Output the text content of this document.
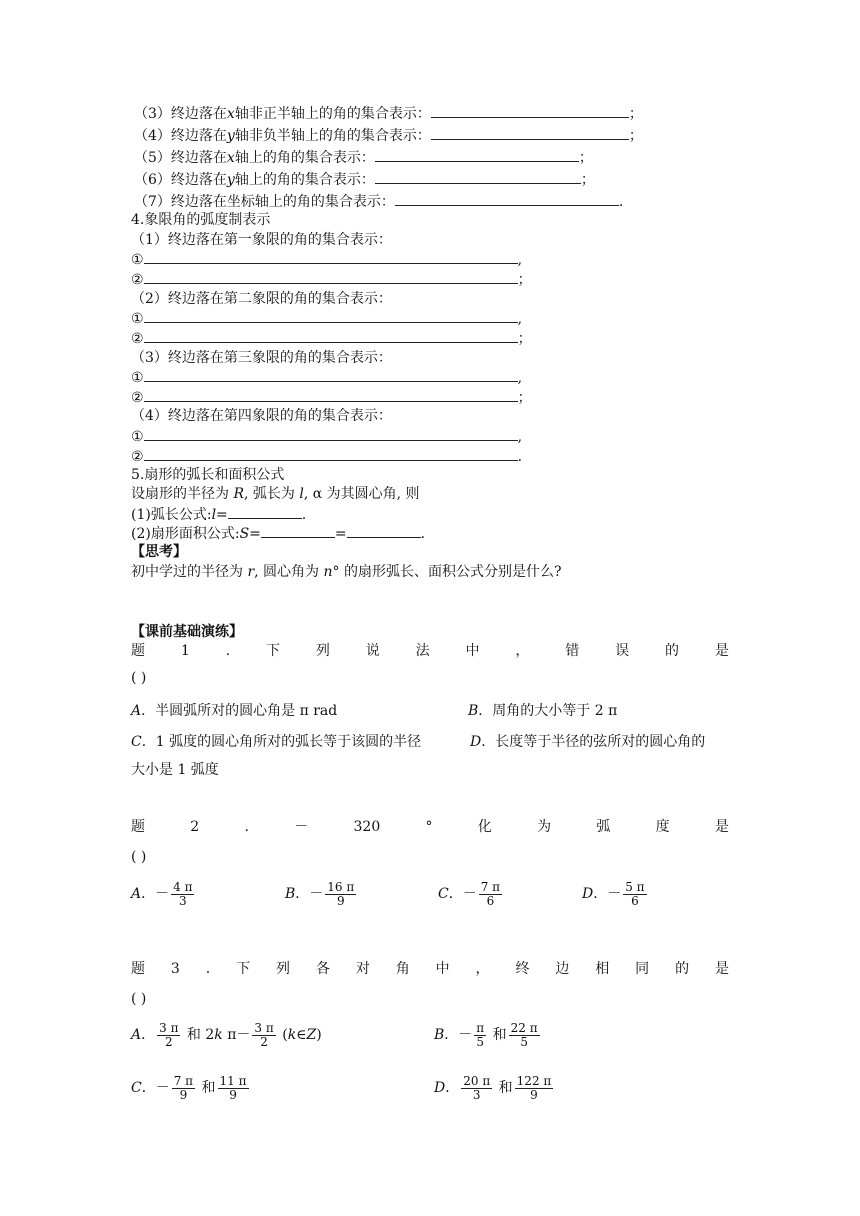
（3）终边落在x轴非正半轴上的角的集合表示：	；
（4）终边落在y轴非负半轴上的角的集合表示：	；
（5）终边落在x轴上的角的集合表示：	；
（6）终边落在y轴上的角的集合表示：	；
（7）终边落在坐标轴上的角的集合表示：	.
4.象限角的弧度制表示
（1）终边落在第一象限的角的集合表示：
①	,
②	；
（2）终边落在第二象限的角的集合表示：
①	,
②	；
（3）终边落在第三象限的角的集合表示：
①	,
②	；
（4）终边落在第四象限的角的集合表示：
①	,
②	.
5.扇形的弧长和面积公式
设扇形的半径为 R, 弧长为 l, α 为其圆心角, 则
(1)弧长公式:l=	.
(2)扇形面积公式:S=	=	.
【思考】
初中学过的半径为 r, 圆心角为 n° 的扇形弧长、面积公式分别是什么?
【课前基础演练】
题	1	.	下	列	说	法	中	，	错	误	的	是
( )
A．半圆弧所对的圆心角是 π rad	B．周角的大小等于 2 π
C．1 弧度的圆心角所对的弧长等于该圆的半径	D．长度等于半径的弦所对的圆心角的
大小是 1 弧度
题	2	.	－	320	°	化	为	弧	度	是
( )
A．－ $\frac{4 \pi}{3}$	B．－ $\frac{16 \pi}{9}$	C．－ $\frac{7 \pi}{6}$	D．－ $\frac{5 \pi}{6}$
题 3 . 下 列 各 对 角 中 ， 终 边 相 同 的 是
( )
A． $\frac{3 \pi}{2}$ 和 2k $\pi- \frac{3 \pi}{2}$ (k∈Z)	B．－ $\frac{\pi}{5}$ 和 $\frac{22 \pi}{5}$
C．－ $\frac{7 \pi}{9}$ 和 $\frac{11 \pi}{9}$	D． $\frac{20 \pi}{3}$ 和 $\frac{122 \pi}{9}$
